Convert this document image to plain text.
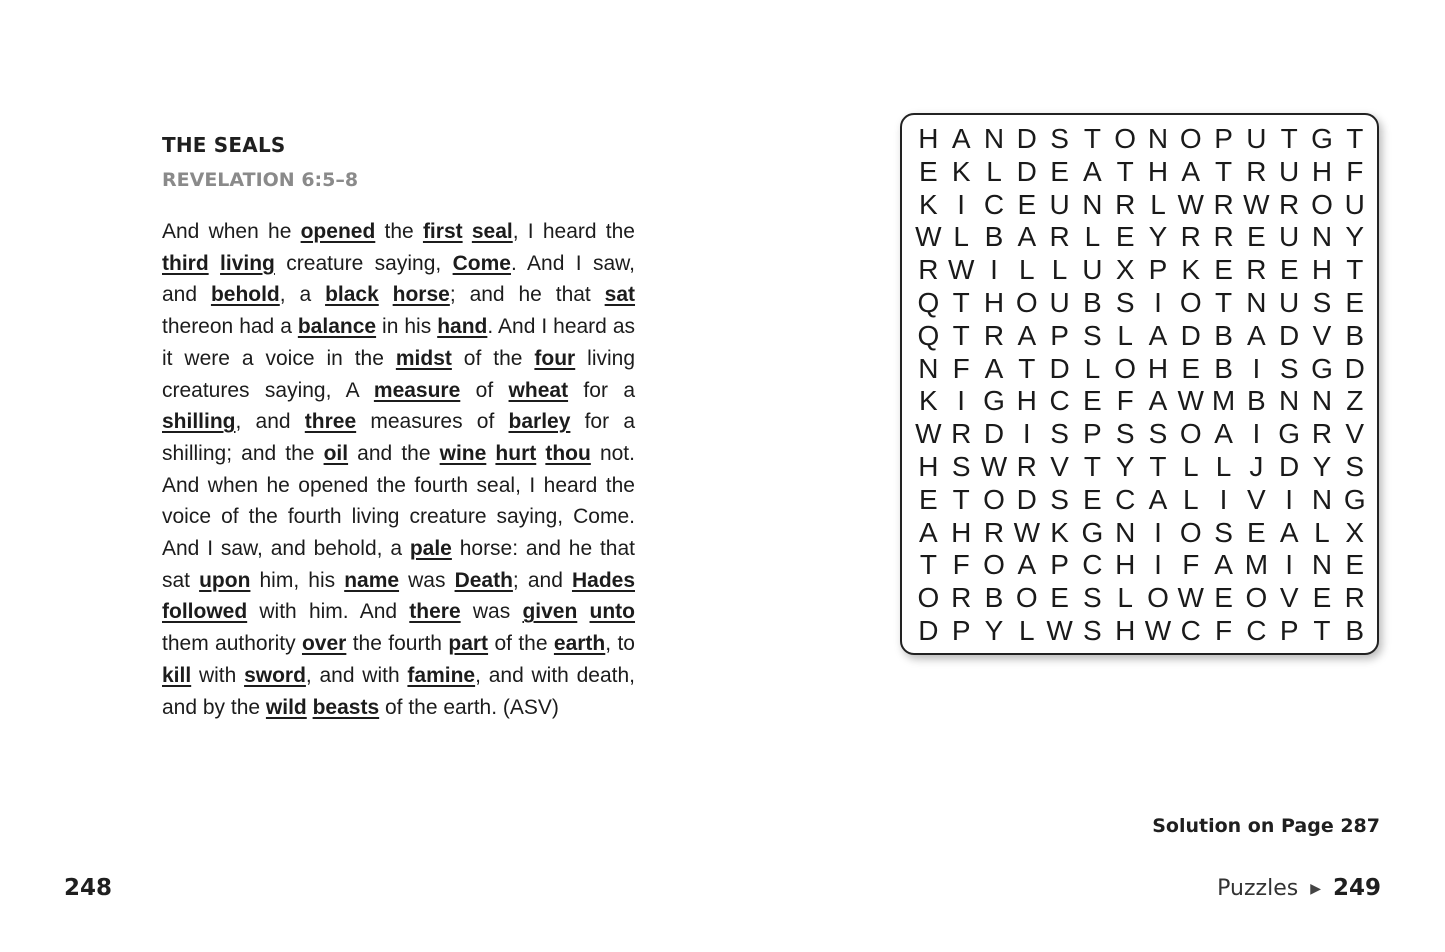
THE SEALS
REVELATION 6:5–8

And when he opened the first seal, I heard the third living creature saying, Come. And I saw, and behold, a black horse; and he that sat thereon had a balance in his hand. And I heard as it were a voice in the midst of the four living creatures saying, A measure of wheat for a shilling, and three measures of barley for a shilling; and the oil and the wine hurt thou not. And when he opened the fourth seal, I heard the voice of the fourth living creature saying, Come. And I saw, and behold, a pale horse: and he that sat upon him, his name was Death; and Hades followed with him. And there was given unto them authority over the fourth part of the earth, to kill with sword, and with famine, and with death, and by the wild beasts of the earth. (ASV)

H A N D S T O N O P U T G T
E K L D E A T H A T R U H F
K I C E U N R L W R W R O U
W L B A R L E Y R R E U N Y
R W I L L U X P K E R E H T
Q T H O U B S I O T N U S E
Q T R A P S L A D B A D V B
N F A T D L O H E B I S G D
K I G H C E F A W M B N N Z
W R D I S P S S O A I G R V
H S W R V T Y T L L J D Y S
E T O D S E C A L I V I N G
A H R W K G N I O S E A L X
T F O A P C H I F A M I N E
O R B O E S L O W E O V E R
D P Y L W S H W C F C P T B
Solution on Page 287
248	Puzzles ▶ 249
